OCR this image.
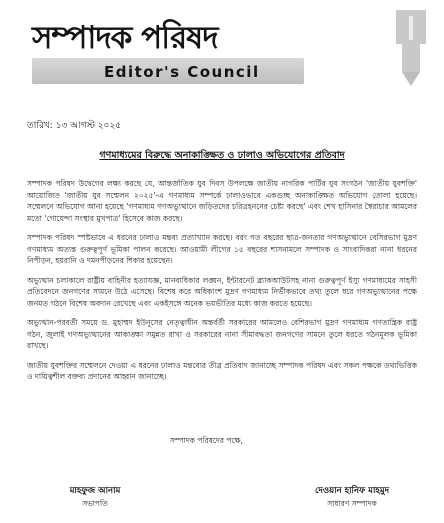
সম্পাদক পরিষদ
Editor's Council
তারিখ: ১৩ আগস্ট ২০২৫
গণমাধ্যমের বিরুদ্ধে অনাকাঙ্ক্ষিত ও ঢালাও অভিযোগের প্রতিবাদ

সম্পাদক পরিষদ উদ্বেগের লক্ষ্য করছে যে, আন্তর্জাতিক যুব দিবস উপলক্ষে জাতীয় নাগরিক পার্টির যুব সংগঠন 'জাতীয় যুবশক্তি' আয়োজিত 'জাতীয় যুব সম্মেলন ২০২৫'-এ গণমাধ্যম সম্পর্কে ঢালাওভাবে একগুচ্ছ অনাকাঙ্ক্ষিত অভিযোগ তোলা হয়েছে। সম্মেলনে অভিযোগ আনা হয়েছে 'গণমাধ্যম গণঅভ্যুত্থানে জড়িতদের চরিত্রহননের চেষ্টা করছে' এবং শেখ হাসিনার স্বৈরাচার আমলের মতো 'গোয়েন্দা সংস্থার মুখপাত্র' হিসেবে কাজ করছে।

সম্পাদক পরিষদ স্পষ্টভাবে এ ধরনের ঢালাও মন্তব্য প্রত্যাখ্যান করছে। বরং গত বছরের ছাত্র-জনতার গণঅভ্যুত্থানে বেসিরভাগ মুদ্রণ গণমাধ্যম অত্যন্ত গুরুত্বপূর্ণ ভূমিকা পালন করেছে। আওয়ামী লীগের ১৫ বছরের শাসনামলে সম্পাদক ও সাংবাদিকরা নানা ধরনের নিপীড়ন, হয়রানি ও দমনপীড়নের শিকার হয়েছেন।

অভ্যুত্থান চলাকালে রাষ্ট্রীয় বাহিনীর হত্যাযজ্ঞ, মানবাধিকার লঙ্ঘন, ইন্টারনেট ব্ল্যাকআউটসহ নানা গুরুত্বপূর্ণ ইস্যু গণমাধ্যমের সাহসী প্রতিবেদনে জনগণের সামনে উঠে এসেছে। বিশেষ করে অধিকাংশ মুদ্রণ গণমাধ্যম নির্ভীকভাবে তথ্য তুলে ধরে গণঅভ্যুত্থানের পক্ষে জনমত গঠনে বিশেষ অবদান রেখেছে এবং একইসঙ্গে অনেক ভয়ভীতির মধ্যে কাজ করতে হয়েছে।

অভ্যুত্থান-পরবর্তী সময়ে ড. মুহাম্মদ ইউনূসের নেতৃত্বাধীন অন্তর্বর্তী সরকারের আমলেও বেশিরভাগ মুদ্রণ গণমাধ্যম গণতান্ত্রিক রাষ্ট্র গঠন, জুলাই গণঅভ্যুত্থানের আকাঙ্ক্ষা সমুন্নত রাখা ও সরকারের নানা সীমাবদ্ধতা জনগণের সামনে তুলে ধরতে গঠনমূলক ভূমিকা রাখছে।

জাতীয় যুবশক্তির সম্মেলনে দেওয়া এ ধরনের ঢালাও মন্তব্যের তীব্র প্রতিবাদ জানাচ্ছে সম্পাদক পরিষদ এবং সকল পক্ষকে তথ্যভিত্তিক ও দায়িত্বশীল বক্তব্য প্রদানের আহ্বান জানাচ্ছে।

সম্পাদক পরিষদের পক্ষে,
মাহফুজ আনাম
সভাপতি
দেওয়ান হানিফ মাহমুদ
সাধারণ সম্পাদক
